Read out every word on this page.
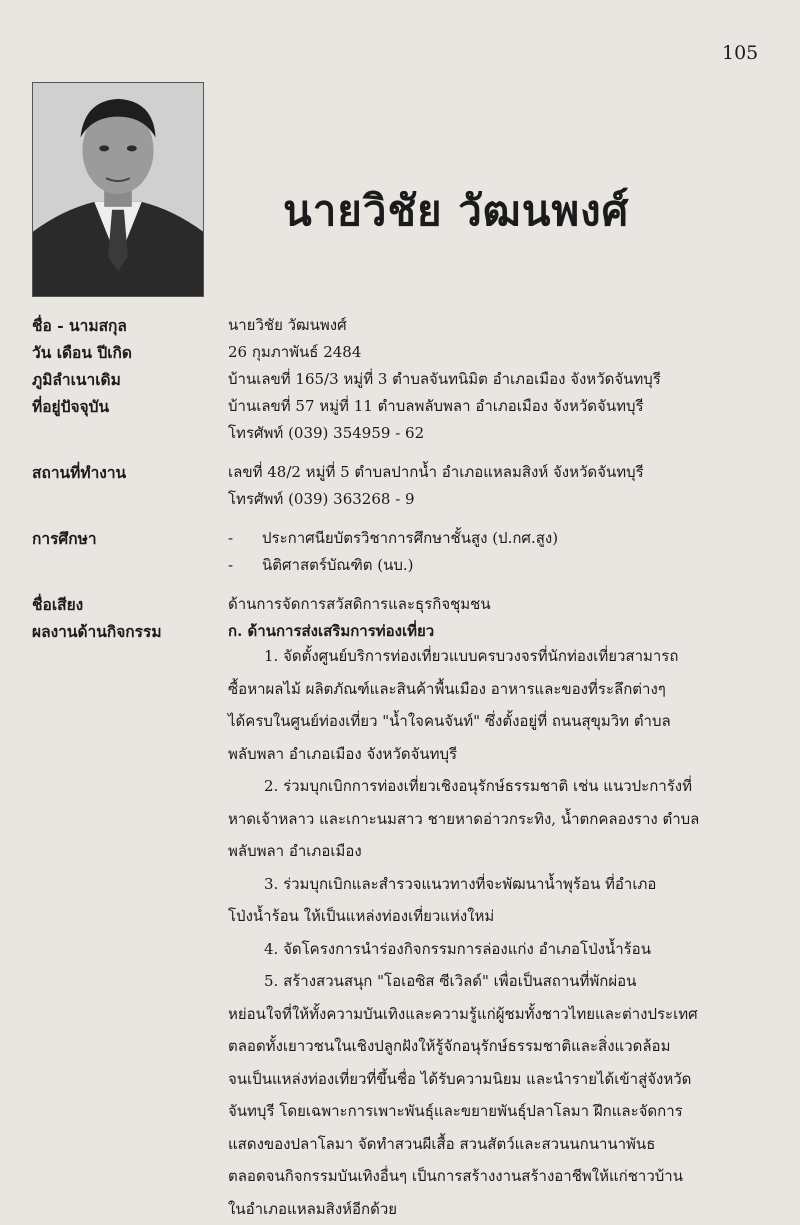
105
นายวิชัย วัฒนพงศ์
ชื่อ - นามสกุล	นายวิชัย วัฒนพงศ์
วัน เดือน ปีเกิด	26 กุมภาพันธ์ 2484
ภูมิลำเนาเดิม	บ้านเลขที่ 165/3 หมู่ที่ 3 ตำบลจันทนิมิต อำเภอเมือง จังหวัดจันทบุรี
ที่อยู่ปัจจุบัน	บ้านเลขที่ 57 หมู่ที่ 11 ตำบลพลับพลา อำเภอเมือง จังหวัดจันทบุรี

โทรศัพท์ (039) 354959 - 62

สถานที่ทำงาน	เลขที่ 48/2 หมู่ที่ 5 ตำบลปากน้ำ อำเภอแหลมสิงห์ จังหวัดจันทบุรี

โทรศัพท์ (039) 363268 - 9

การศึกษา	-	ประกาศนียบัตรวิชาการศึกษาชั้นสูง (ป.กศ.สูง)
-	นิติศาสตร์บัณฑิต (นบ.)
ชื่อเสียง	ด้านการจัดการสวัสดิการและธุรกิจชุมชน
ผลงานด้านกิจกรรม	ก. ด้านการส่งเสริมการท่องเที่ยว

1. จัดตั้งศูนย์บริการท่องเที่ยวแบบครบวงจรที่นักท่องเที่ยวสามารถ

ซื้อหาผลไม้ ผลิตภัณฑ์และสินค้าพื้นเมือง อาหารและของที่ระลึกต่างๆ

ได้ครบในศูนย์ท่องเที่ยว "น้ำใจคนจันท์" ซึ่งตั้งอยู่ที่ ถนนสุขุมวิท ตำบล

พลับพลา อำเภอเมือง จังหวัดจันทบุรี

2. ร่วมบุกเบิกการท่องเที่ยวเชิงอนุรักษ์ธรรมชาติ เช่น แนวปะการังที่

หาดเจ้าหลาว และเกาะนมสาว ชายหาดอ่าวกระทิง, น้ำตกคลองราง ตำบล

พลับพลา อำเภอเมือง

3. ร่วมบุกเบิกและสำรวจแนวทางที่จะพัฒนาน้ำพุร้อน ที่อำเภอ

โป่งน้ำร้อน ให้เป็นแหล่งท่องเที่ยวแห่งใหม่

4. จัดโครงการนำร่องกิจกรรมการล่องแก่ง อำเภอโป่งน้ำร้อน

5. สร้างสวนสนุก "โอเอซิส ซีเวิลด์" เพื่อเป็นสถานที่พักผ่อน

หย่อนใจที่ให้ทั้งความบันเทิงและความรู้แก่ผู้ชมทั้งชาวไทยและต่างประเทศ

ตลอดทั้งเยาวชนในเชิงปลูกฝังให้รู้จักอนุรักษ์ธรรมชาติและสิ่งแวดล้อม

จนเป็นแหล่งท่องเที่ยวที่ขึ้นชื่อ ได้รับความนิยม และนำรายได้เข้าสู่จังหวัด

จันทบุรี โดยเฉพาะการเพาะพันธุ์และขยายพันธุ์ปลาโลมา ฝึกและจัดการ

แสดงของปลาโลมา จัดทำสวนผีเสื้อ สวนสัตว์และสวนนกนานาพันธ

ตลอดจนกิจกรรมบันเทิงอื่นๆ เป็นการสร้างงานสร้างอาชีพให้แก่ชาวบ้าน

ในอำเภอแหลมสิงห์อีกด้วย
